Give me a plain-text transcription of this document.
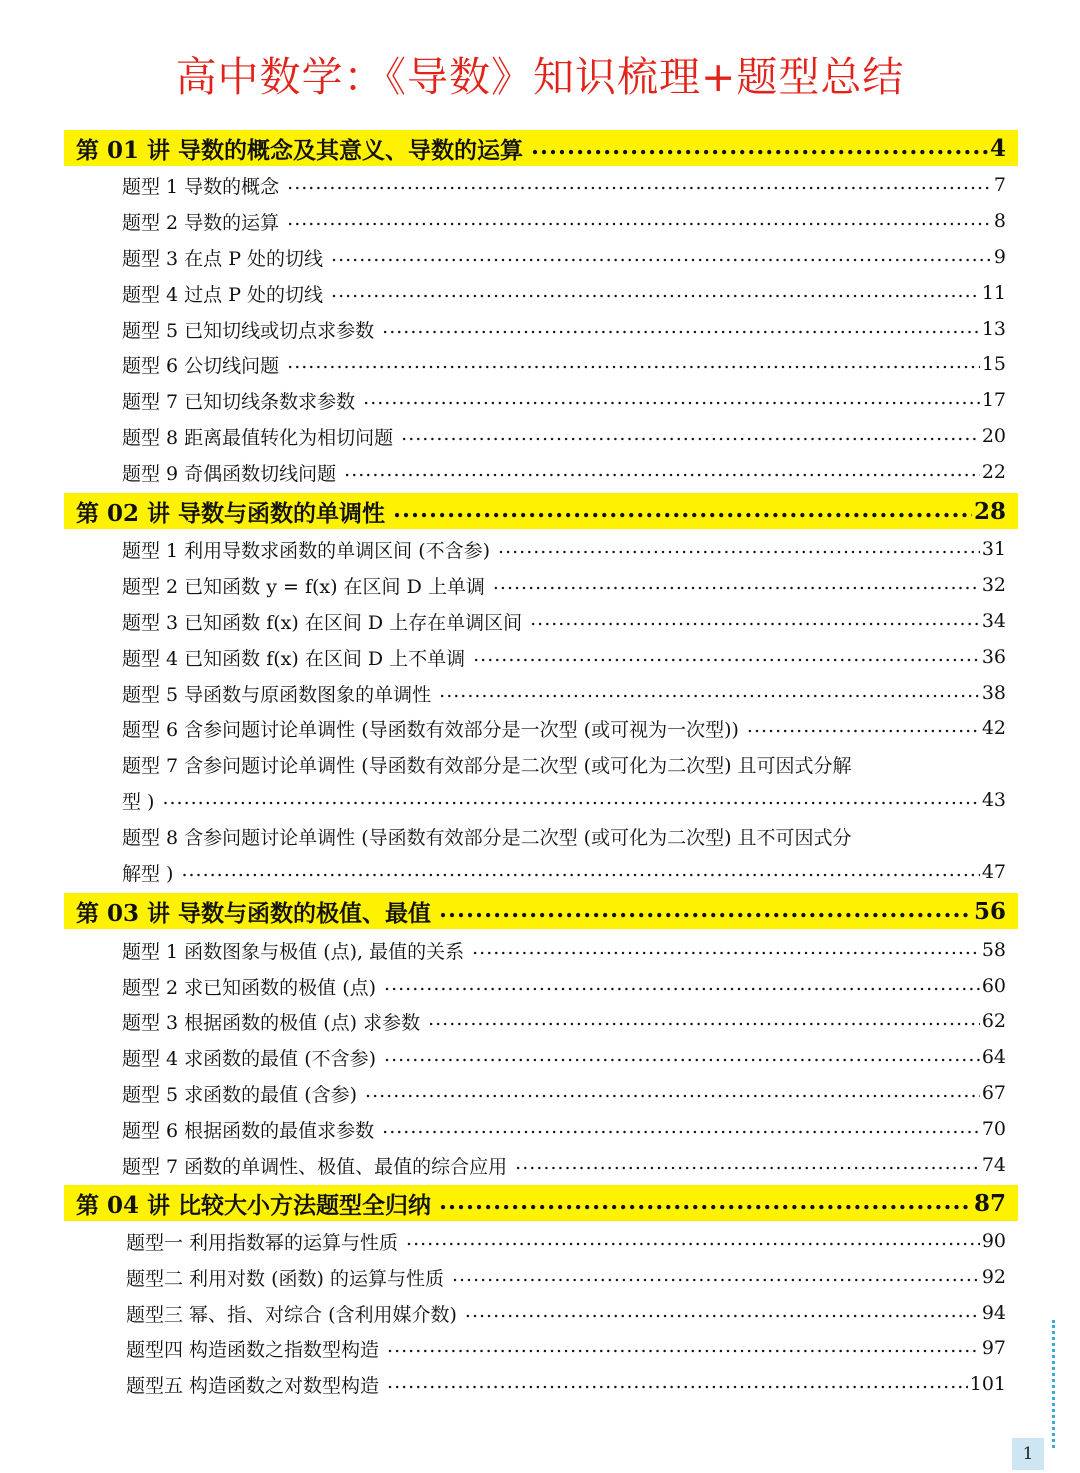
高中数学：《导数》知识梳理+题型总结
第 01 讲 导数的概念及其意义、导数的运算 .....	4
题型 1 导数的概念 .....	7
题型 2 导数的运算 .....	8
题型 3 在点 P 处的切线 .....	9
题型 4 过点 P 处的切线 .....	11
题型 5 已知切线或切点求参数 .....	13
题型 6 公切线问题 .....	15
题型 7 已知切线条数求参数 .....	17
题型 8 距离最值转化为相切问题 .....	20
题型 9 奇偶函数切线问题 .....	22
第 02 讲 导数与函数的单调性 .....	28
题型 1 利用导数求函数的单调区间 (不含参) .....	31
题型 2 已知函数 y = f(x) 在区间 D 上单调 .....	32
题型 3 已知函数 f(x) 在区间 D 上存在单调区间 .....	34
题型 4 已知函数 f(x) 在区间 D 上不单调 .....	36
题型 5 导函数与原函数图象的单调性 .....	38
题型 6 含参问题讨论单调性 (导函数有效部分是一次型 (或可视为一次型)) .....	42
题型 7 含参问题讨论单调性 (导函数有效部分是二次型 (或可化为二次型) 且可因式分解
型 ) .....	43
题型 8 含参问题讨论单调性 (导函数有效部分是二次型 (或可化为二次型) 且不可因式分
解型 ) .....	47
第 03 讲 导数与函数的极值、最值 .....	56
题型 1 函数图象与极值 (点), 最值的关系 .....	58
题型 2 求已知函数的极值 (点) .....	60
题型 3 根据函数的极值 (点) 求参数 .....	62
题型 4 求函数的最值 (不含参) .....	64
题型 5 求函数的最值 (含参) .....	67
题型 6 根据函数的最值求参数 .....	70
题型 7 函数的单调性、极值、最值的综合应用 .....	74
第 04 讲 比较大小方法题型全归纳 .....	87
题型一 利用指数幂的运算与性质 .....	90
题型二 利用对数 (函数) 的运算与性质 .....	92
题型三 幂、指、对综合 (含利用媒介数) .....	94
题型四 构造函数之指数型构造 .....	97
题型五 构造函数之对数型构造 .....	101
1
